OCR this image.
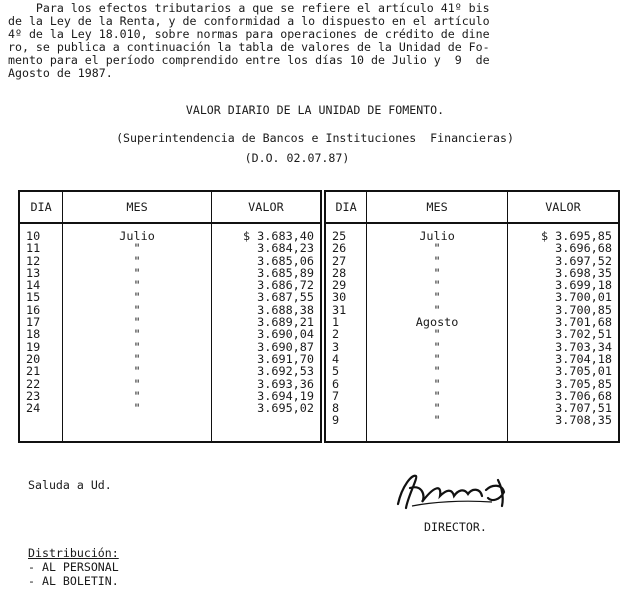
Para los efectos tributarios a que se refiere el artículo 41º bis
de la Ley de la Renta, y de conformidad a lo dispuesto en el artículo
4º de la Ley 18.010, sobre normas para operaciones de crédito de dine
ro, se publica a continuación la tabla de valores de la Unidad de Fo-
mento para el período comprendido entre los días 10 de Julio y  9  de
Agosto de 1987.
VALOR DIARIO DE LA UNIDAD DE FOMENTO.
(Superintendencia de Bancos e Instituciones  Financieras)
(D.O. 02.07.87)
DIA	MES	VALOR
10	Julio	$ 3.683,40
11	"	3.684,23
12	"	3.685,06
13	"	3.685,89
14	"	3.686,72
15	"	3.687,55
16	"	3.688,38
17	"	3.689,21
18	"	3.690,04
19	"	3.690,87
20	"	3.691,70
21	"	3.692,53
22	"	3.693,36
23	"	3.694,19
24	"	3.695,02

DIA	MES	VALOR
25	Julio	$ 3.695,85
26	"	3.696,68
27	"	3.697,52
28	"	3.698,35
29	"	3.699,18
30	"	3.700,01
31	"	3.700,85
1	Agosto	3.701,68
2	"	3.702,51
3	"	3.703,34
4	"	3.704,18
5	"	3.705,01
6	"	3.705,85
7	"	3.706,68
8	"	3.707,51
9	"	3.708,35
Saluda a Ud.
DIRECTOR.
Distribución:
- AL PERSONAL
- AL BOLETIN.
